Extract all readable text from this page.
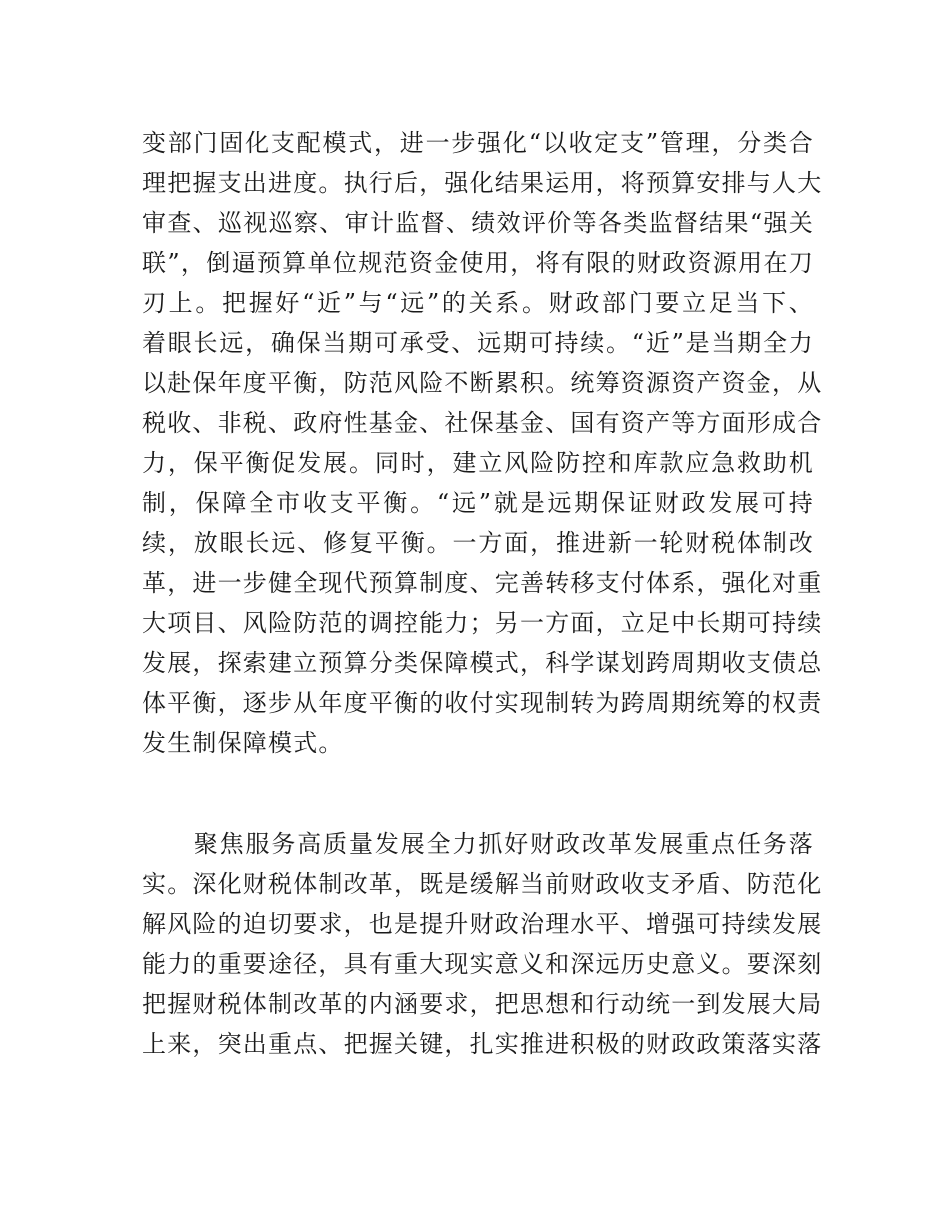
变部门固化支配模式，进一步强化“以收定支”管理，分类合
理把握支出进度。执行后，强化结果运用，将预算安排与人大
审查、巡视巡察、审计监督、绩效评价等各类监督结果“强关
联”，倒逼预算单位规范资金使用，将有限的财政资源用在刀
刃上。把握好“近”与“远”的关系。财政部门要立足当下、
着眼长远，确保当期可承受、远期可持续。“近”是当期全力
以赴保年度平衡，防范风险不断累积。统筹资源资产资金，从
税收、非税、政府性基金、社保基金、国有资产等方面形成合
力，保平衡促发展。同时，建立风险防控和库款应急救助机
制，保障全市收支平衡。“远”就是远期保证财政发展可持
续，放眼长远、修复平衡。一方面，推进新一轮财税体制改
革，进一步健全现代预算制度、完善转移支付体系，强化对重
大项目、风险防范的调控能力；另一方面，立足中长期可持续
发展，探索建立预算分类保障模式，科学谋划跨周期收支债总
体平衡，逐步从年度平衡的收付实现制转为跨周期统筹的权责
发生制保障模式。
　　聚焦服务高质量发展全力抓好财政改革发展重点任务落
实。深化财税体制改革，既是缓解当前财政收支矛盾、防范化
解风险的迫切要求，也是提升财政治理水平、增强可持续发展
能力的重要途径，具有重大现实意义和深远历史意义。要深刻
把握财税体制改革的内涵要求，把思想和行动统一到发展大局
上来，突出重点、把握关键，扎实推进积极的财政政策落实落
